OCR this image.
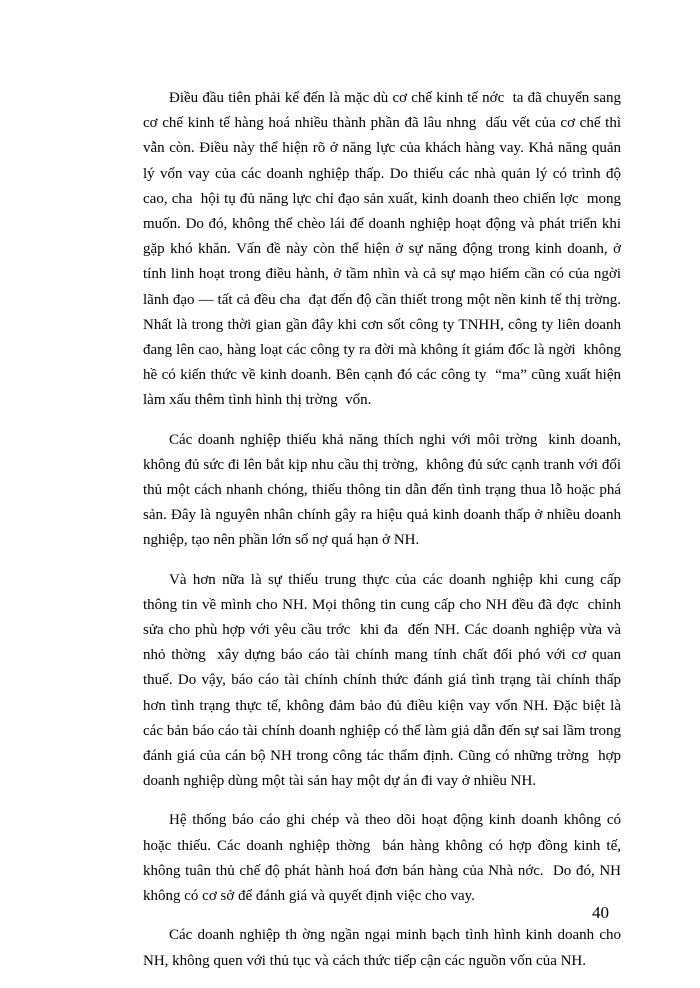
Điều đầu tiên phải kể đến là mặc dù cơ chế kinh tế nớc  ta đã chuyển sang cơ chế kinh tế hàng hoá nhiều thành phần đã lâu nhng  dấu vết của cơ chế thì vẫn còn. Điều này thể hiện rõ ở năng lực của khách hàng vay. Khả năng quản lý vốn vay của các doanh nghiệp thấp. Do thiếu các nhà quản lý có trình độ cao, cha  hội tụ đủ năng lực chỉ đạo sản xuất, kinh doanh theo chiến lợc  mong muốn. Do đó, không thể chèo lái để doanh nghiệp hoạt động và phát triển khi gặp khó khăn. Vấn đề này còn thể hiện ở sự năng động trong kinh doanh, ở tính linh hoạt trong điều hành, ở tầm nhìn và cả sự mạo hiểm cần có của ngời  lãnh đạo — tất cả đều cha  đạt đến độ cần thiết trong một nền kinh tế thị trờng.  Nhất là trong thời gian gần đây khi cơn sốt công ty TNHH, công ty liên doanh đang lên cao, hàng loạt các công ty ra đời mà không ít giám đốc là ngời  không hề có kiến thức về kinh doanh. Bên cạnh đó các công ty  “ma” cũng xuất hiện làm xấu thêm tình hình thị trờng  vốn.

Các doanh nghiệp thiếu khả năng thích nghi với môi trờng  kinh doanh, không đủ sức đi lên bắt kịp nhu cầu thị trờng,  không đủ sức cạnh tranh với đối thủ một cách nhanh chóng, thiếu thông tin dẫn đến tình trạng thua lỗ hoặc phá sản. Đây là nguyên nhân chính gây ra hiệu quả kinh doanh thấp ở nhiều doanh nghiệp, tạo nên phần lớn số nợ quá hạn ở NH.

Và hơn nữa là sự thiếu trung thực của các doanh nghiệp khi cung cấp thông tin về mình cho NH. Mọi thông tin cung cấp cho NH đều đã đợc  chỉnh sửa cho phù hợp với yêu cầu trớc  khi đa  đến NH. Các doanh nghiệp vừa và nhỏ thờng  xây dựng báo cáo tài chính mang tính chất đối phó với cơ quan thuế. Do vậy, báo cáo tài chính chính thức đánh giá tình trạng tài chính thấp hơn tình trạng thực tế, không đảm bảo đủ điều kiện vay vốn NH. Đặc biệt là các bản báo cáo tài chính doanh nghiệp có thể làm giả dẫn đến sự sai lầm trong đánh giá của cán bộ NH trong công tác thẩm định. Cũng có những trờng  hợp doanh nghiệp dùng một tài sản hay một dự án đi vay ở nhiều NH.

Hệ thống báo cáo ghi chép và theo dõi hoạt động kinh doanh không có hoặc thiếu. Các doanh nghiệp thờng  bán hàng không có hợp đồng kinh tế, không tuân thủ chế độ phát hành hoá đơn bán hàng của Nhà nớc.  Do đó, NH không có cơ sở để đánh giá và quyết định việc cho vay.

Các doanh nghiệp th ờng ngần ngại minh bạch tình hình kinh doanh cho NH, không quen với thủ tục và cách thức tiếp cận các nguồn vốn của NH.

40
